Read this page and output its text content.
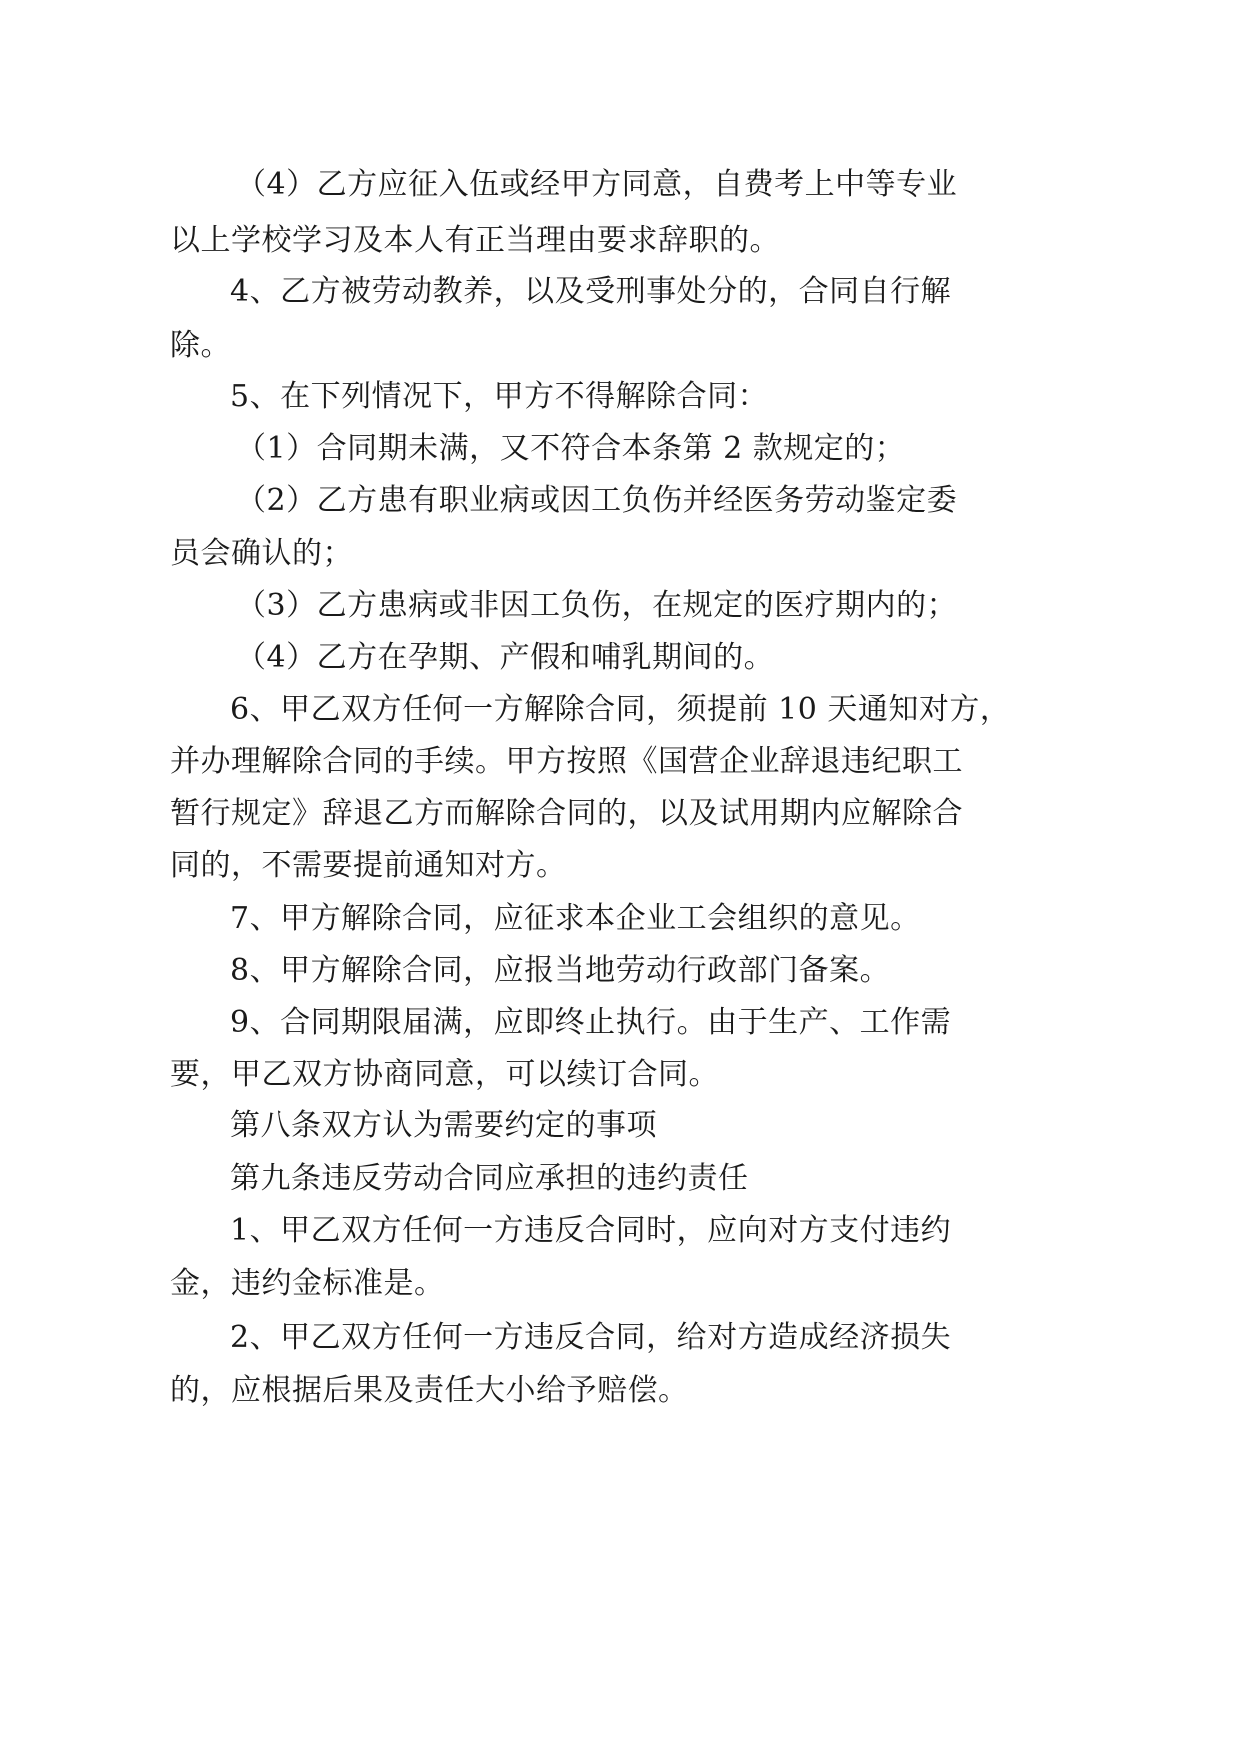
（4）乙方应征入伍或经甲方同意，自费考上中等专业
以上学校学习及本人有正当理由要求辞职的。
4、乙方被劳动教养，以及受刑事处分的，合同自行解
除。
5、在下列情况下，甲方不得解除合同：
（1）合同期未满，又不符合本条第 2 款规定的；
（2）乙方患有职业病或因工负伤并经医务劳动鉴定委
员会确认的；
（3）乙方患病或非因工负伤，在规定的医疗期内的；
（4）乙方在孕期、产假和哺乳期间的。
6、甲乙双方任何一方解除合同，须提前 10 天通知对方，
并办理解除合同的手续。甲方按照《国营企业辞退违纪职工
暂行规定》辞退乙方而解除合同的，以及试用期内应解除合
同的，不需要提前通知对方。
7、甲方解除合同，应征求本企业工会组织的意见。
8、甲方解除合同，应报当地劳动行政部门备案。
9、合同期限届满，应即终止执行。由于生产、工作需
要，甲乙双方协商同意，可以续订合同。
第八条双方认为需要约定的事项
第九条违反劳动合同应承担的违约责任
1、甲乙双方任何一方违反合同时，应向对方支付违约
金，违约金标准是。
2、甲乙双方任何一方违反合同，给对方造成经济损失
的，应根据后果及责任大小给予赔偿。
